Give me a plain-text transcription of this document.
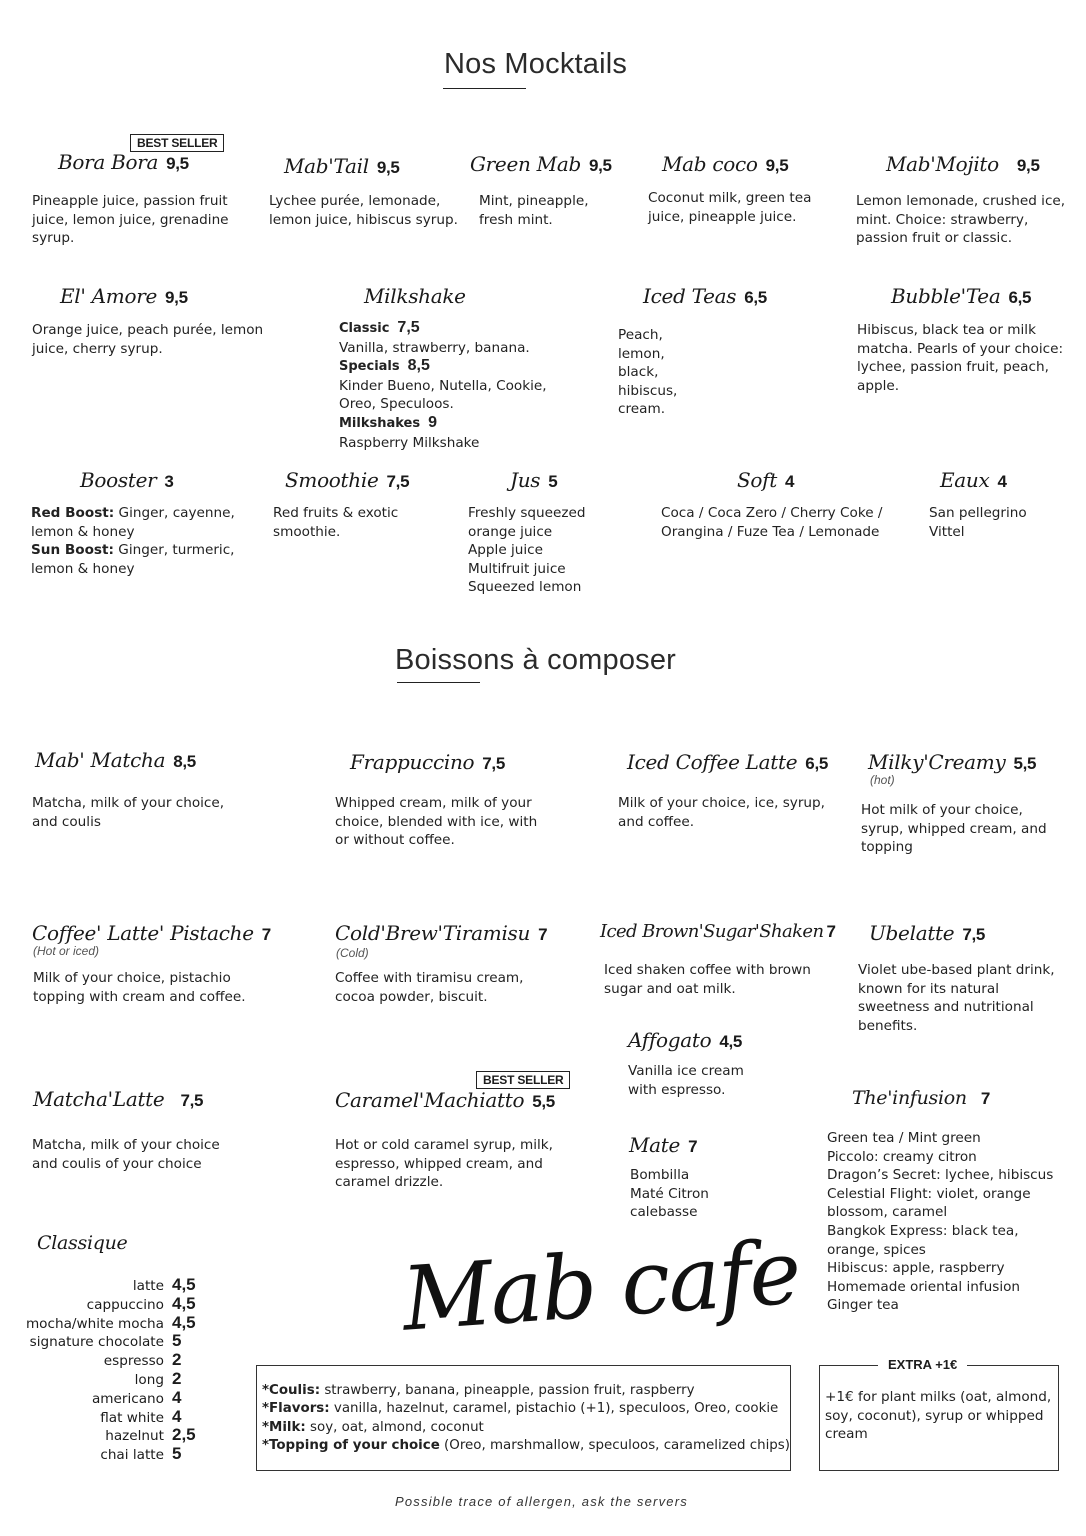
Nos Mocktails
BEST SELLER
Bora Bora 9,5
Pineapple juice, passion fruit juice, lemon juice, grenadine syrup.
Mab'Tail 9,5
Lychee purée, lemonade, lemon juice, hibiscus syrup.
Green Mab 9,5
Mint, pineapple, fresh mint.
Mab coco 9,5
Coconut milk, green tea juice, pineapple juice.
Mab'Mojito 9,5
Lemon lemonade, crushed ice, mint. Choice: strawberry, passion fruit or classic.
El' Amore 9,5
Orange juice, peach purée, lemon juice, cherry syrup.
Milkshake
Classic 7,5
Vanilla, strawberry, banana.
Specials 8,5
Kinder Bueno, Nutella, Cookie, Oreo, Speculoos.
Milkshakes 9
Raspberry Milkshake
Iced Teas 6,5
Peach,
lemon,
black,
hibiscus,
cream.
Bubble'Tea 6,5
Hibiscus, black tea or milk matcha. Pearls of your choice: lychee, passion fruit, peach, apple.
Booster 3
Red Boost: Ginger, cayenne, lemon & honey
Sun Boost: Ginger, turmeric, lemon & honey
Smoothie 7,5
Red fruits & exotic smoothie.
Jus 5
Freshly squeezed
orange juice
Apple juice
Multifruit juice
Squeezed lemon
Soft 4
Coca / Coca Zero / Cherry Coke / Orangina / Fuze Tea / Lemonade
Eaux 4
San pellegrino
Vittel
Boissons à composer
Mab' Matcha 8,5
Matcha, milk of your choice, and coulis
Frappuccino 7,5
Whipped cream, milk of your choice, blended with ice, with or without coffee.
Iced Coffee Latte 6,5
Milk of your choice, ice, syrup, and coffee.
Milky'Creamy 5,5
(hot)
Hot milk of your choice, syrup, whipped cream, and topping
Coffee' Latte' Pistache 7
(Hot or iced)
Milk of your choice, pistachio topping with cream and coffee.
Cold'Brew'Tiramisu 7
(Cold)
Coffee with tiramisu cream, cocoa powder, biscuit.
Iced Brown'Sugar'Shaken 7
Iced shaken coffee with brown sugar and oat milk.
Ubelatte 7,5
Violet ube-based plant drink, known for its natural sweetness and nutritional benefits.
Affogato 4,5
Vanilla ice cream with espresso.
Matcha'Latte 7,5
Matcha, milk of your choice and coulis of your choice
BEST SELLER
Caramel'Machiatto 5,5
Hot or cold caramel syrup, milk, espresso, whipped cream, and caramel drizzle.
Mate 7
Bombilla
Maté Citron
calebasse
The'infusion 7
Green tea / Mint green
Piccolo: creamy citron
Dragon’s Secret: lychee, hibiscus
Celestial Flight: violet, orange
blossom, caramel
Bangkok Express: black tea,
orange, spices
Hibiscus: apple, raspberry
Homemade oriental infusion
Ginger tea
Classique
latte 4,5
cappuccino 4,5
mocha/white mocha 4,5
signature chocolate 5
espresso 2
long 2
americano 4
flat white 4
hazelnut 2,5
chai latte 5
Mab cafe
*Coulis: strawberry, banana, pineapple, passion fruit, raspberry
*Flavors: vanilla, hazelnut, caramel, pistachio (+1), speculoos, Oreo, cookie
*Milk: soy, oat, almond, coconut
*Topping of your choice (Oreo, marshmallow, speculoos, caramelized chips)
+1€ for plant milks (oat, almond, soy, coconut), syrup or whipped cream
EXTRA +1€
Possible trace of allergen, ask the servers
